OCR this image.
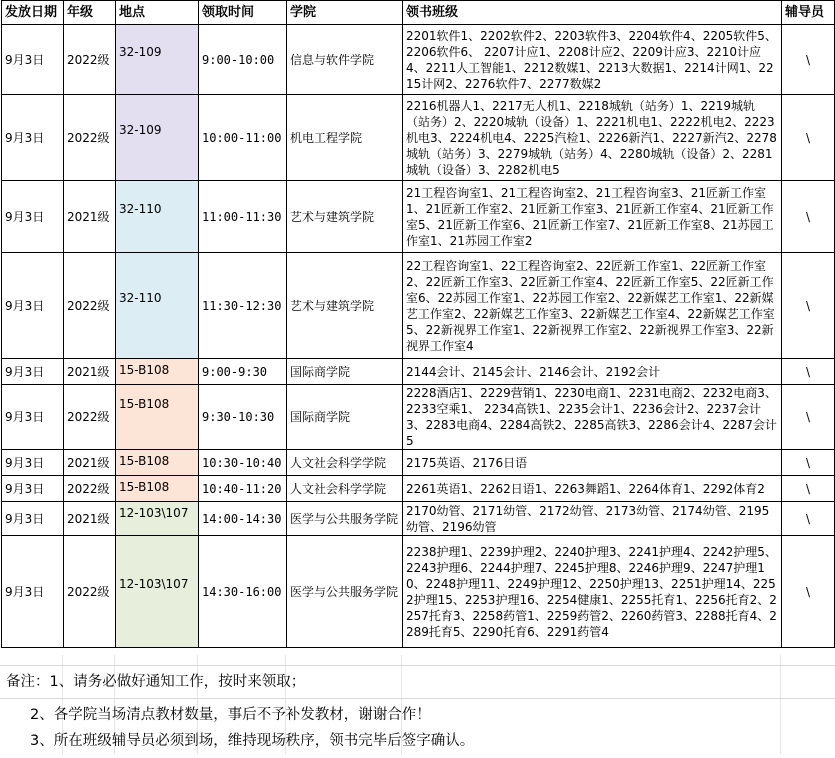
发放日期	年级	地点	领取时间	学院	领书班级	辅导员
9月3日	2022级	32-109	9:00-10:00	信息与软件学院	2201软件1、2202软件2、2203软件3、2204软件4、2205软件5、2206软件6、 2207计应1、2208计应2、2209计应3、2210计应4、2211人工智能1、2212数媒1、2213大数据1、2214计网1、2215计网2、2276软件7、2277数媒2	\
9月3日	2022级	32-109	10:00-11:00	机电工程学院	2216机器人1、2217无人机1、2218城轨（站务）1、2219城轨（站务）2、2220城轨（设备）1、2221机电1、2222机电2、2223机电3、2224机电4、2225汽检1、2226新汽1、2227新汽2、2278城轨（站务）3、2279城轨（站务）4、2280城轨（设备）2、2281城轨（设备）3、2282机电5	\
9月3日	2021级	32-110	11:00-11:30	艺术与建筑学院	21工程咨询室1、21工程咨询室2、21工程咨询室3、21匠新工作室1、21匠新工作室2、21匠新工作室3、21匠新工作室4、21匠新工作室5、21匠新工作室6、21匠新工作室7、21匠新工作室8、21苏园工作室1、21苏园工作室2	\
9月3日	2022级	32-110	11:30-12:30	艺术与建筑学院	22工程咨询室1、22工程咨询室2、22匠新工作室1、22匠新工作室2、22匠新工作室3、22匠新工作室4、22匠新工作室5、22匠新工作室6、22苏园工作室1、22苏园工作室2、22新媒艺工作室1、22新媒艺工作室2、22新媒艺工作室3、22新媒艺工作室4、22新媒艺工作室5、22新视界工作室1、22新视界工作室2、22新视界工作室3、22新视界工作室4	\
9月3日	2021级	15-B108	9:00-9:30	国际商学院	2144会计、2145会计、2146会计、2192会计	\
9月3日	2022级	15-B108	9:30-10:30	国际商学院	2228酒店1、2229营销1、2230电商1、2231电商2、2232电商3、2233空乘1、 2234高铁1、2235会计1、2236会计2、2237会计3、2283电商4、2284高铁2、2285高铁3、2286会计4、2287会计5	\
9月3日	2021级	15-B108	10:30-10:40	人文社会科学学院	2175英语、2176日语	\
9月3日	2022级	15-B108	10:40-11:20	人文社会科学学院	2261英语1、2262日语1、2263舞蹈1、2264体育1、2292体育2	\
9月3日	2021级	12-103\107	14:00-14:30	医学与公共服务学院	2170幼管、2171幼管、2172幼管、2173幼管、2174幼管、2195幼管、2196幼管	\
9月3日	2022级	12-103\107	14:30-16:00	医学与公共服务学院	2238护理1、2239护理2、2240护理3、2241护理4、2242护理5、2243护理6、2244护理7、2245护理8、2246护理9、2247护理10、2248护理11、2249护理12、2250护理13、2251护理14、2252护理15、2253护理16、2254健康1、2255托育1、2256托育2、2257托育3、2258药管1、2259药管2、2260药管3、2288托育4、2289托育5、2290托育6、2291药管4	\
备注：1、请务必做好通知工作，按时来领取；
2、各学院当场清点教材数量，事后不予补发教材，谢谢合作！
3、所在班级辅导员必须到场，维持现场秩序，领书完毕后签字确认。
